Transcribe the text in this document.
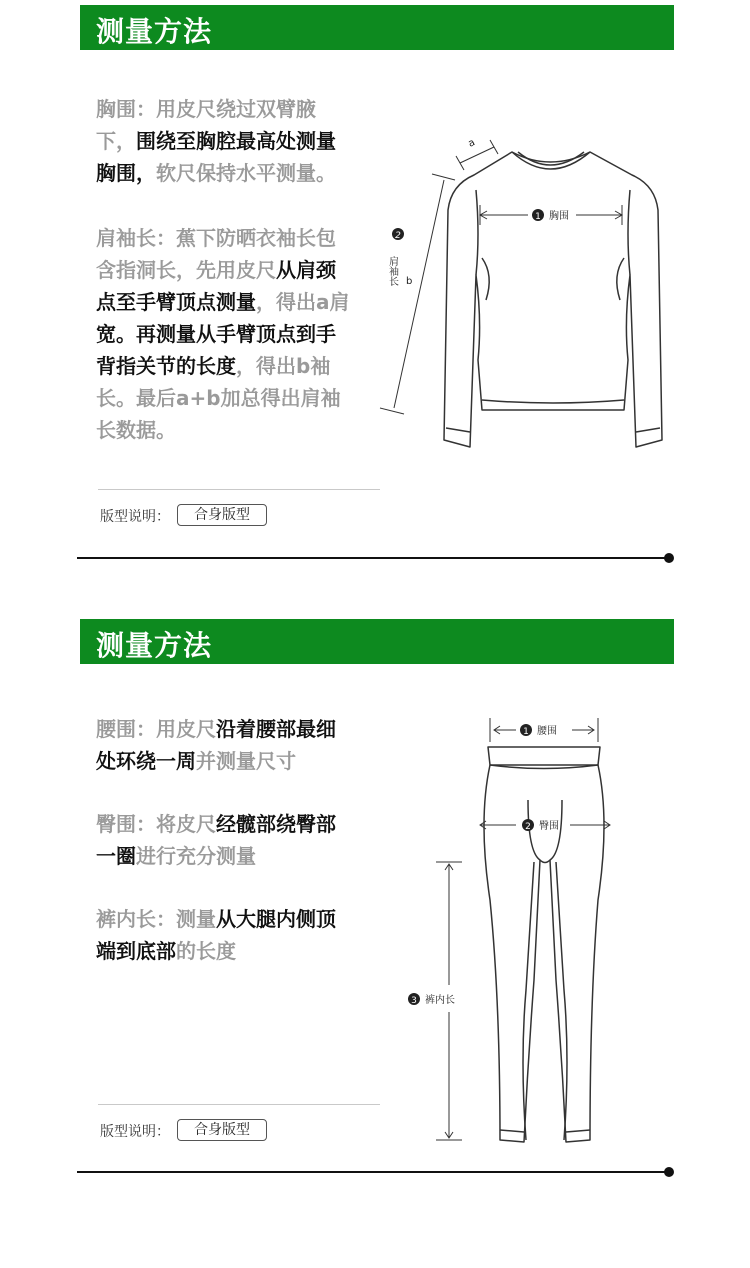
测量方法
胸围：用皮尺绕过双臂腋
下，围绕至胸腔最高处测量
胸围，软尺保持水平测量。
肩袖长：蕉下防晒衣袖长包
含指洞长，先用皮尺从肩颈
点至手臂顶点测量，得出a肩
宽。再测量从手臂顶点到手
背指关节的长度，得出b袖
长。最后a+b加总得出肩袖
长数据。
版型说明：	合身版型
1 胸围
a
2
肩袖长 b
测量方法
腰围：用皮尺沿着腰部最细
处环绕一周并测量尺寸
臀围：将皮尺经髋部绕臀部
一圈进行充分测量
裤内长：测量从大腿内侧顶
端到底部的长度
版型说明：	合身版型
1 腰围
2 臀围
3 裤内长
